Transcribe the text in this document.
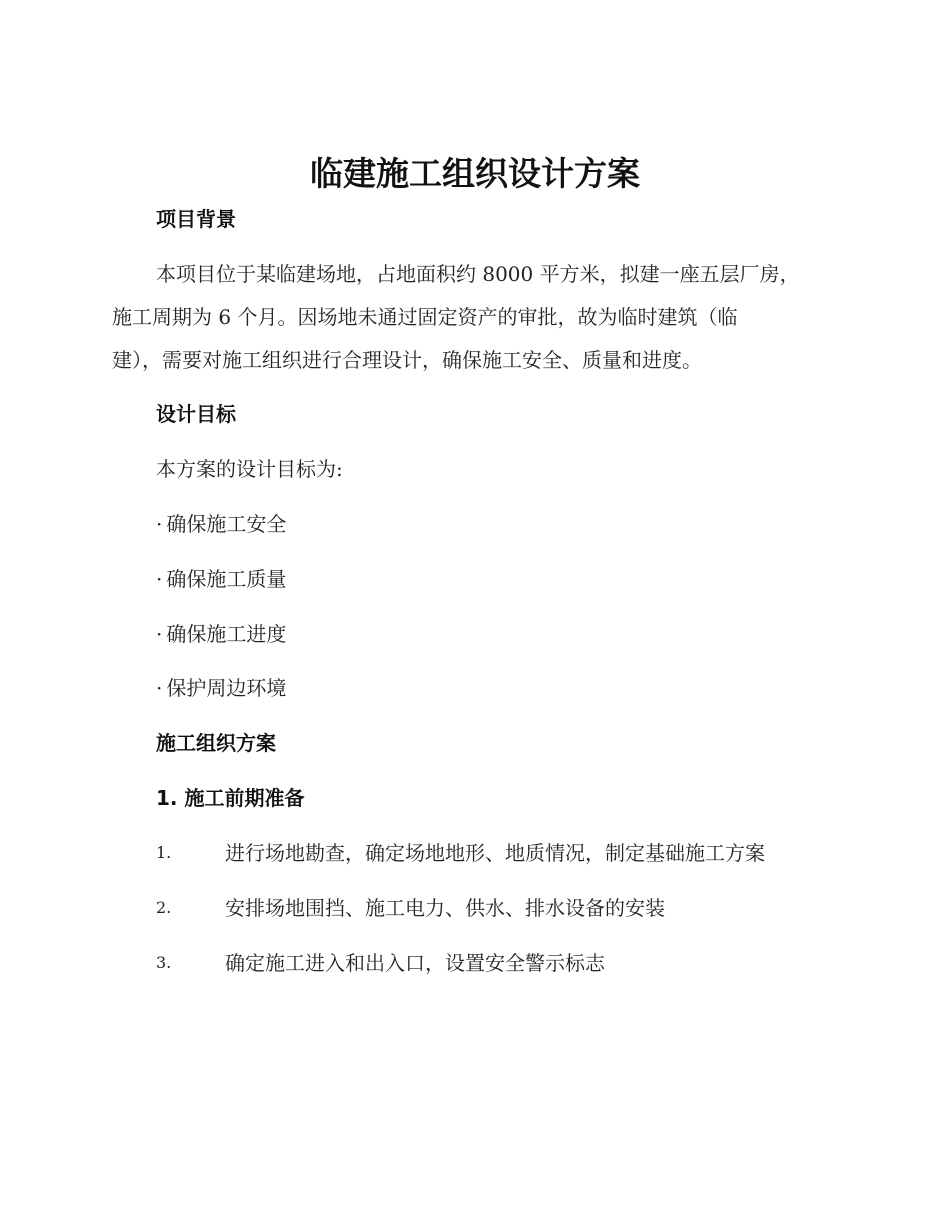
临建施工组织设计方案
项目背景
本项目位于某临建场地，占地面积约 8000 平方米，拟建一座五层厂房，
施工周期为 6 个月。因场地未通过固定资产的审批，故为临时建筑（临
建），需要对施工组织进行合理设计，确保施工安全、质量和进度。
设计目标
本方案的设计目标为:
· 确保施工安全
· 确保施工质量
· 确保施工进度
· 保护周边环境
施工组织方案
1. 施工前期准备
1.	进行场地勘查，确定场地地形、地质情况，制定基础施工方案
2.	安排场地围挡、施工电力、供水、排水设备的安装
3.	确定施工进入和出入口，设置安全警示标志
